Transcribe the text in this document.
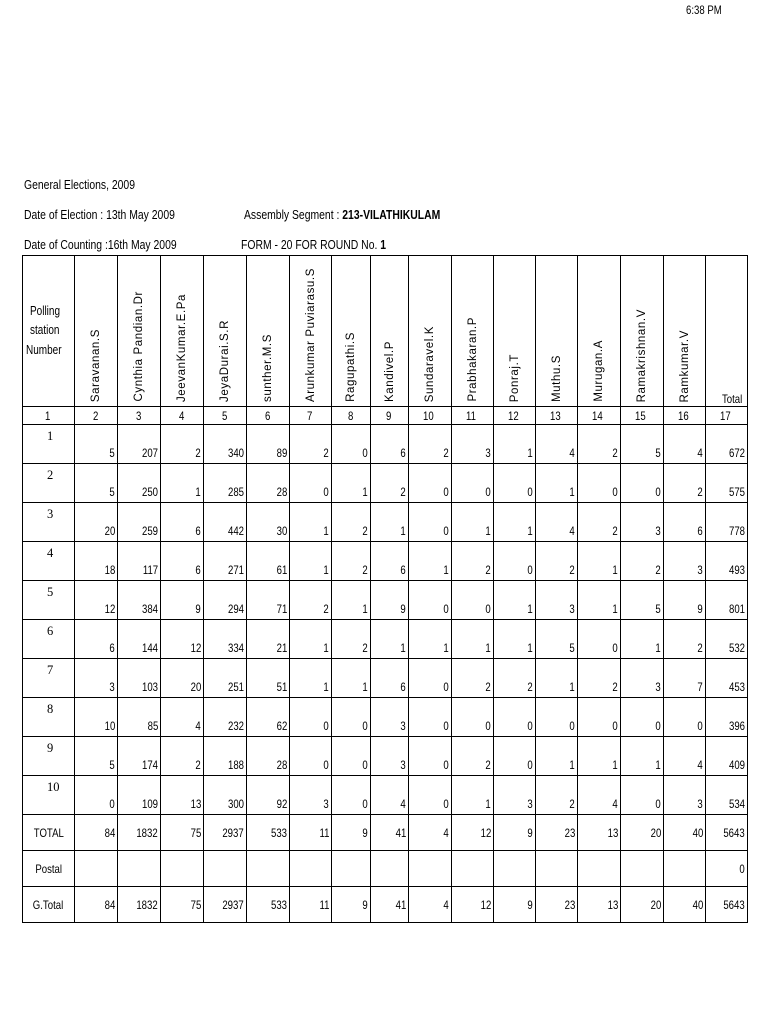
6:38 PM
General Elections, 2009
Date of Election : 13th May 2009	Assembly Segment : 213-VILATHIKULAM
Date of Counting :16th May 2009	FORM - 20 FOR ROUND No. 1
Polling
station
Number	Saravanan.S	Cynthia Pandian.Dr	JeevanKumar.E.Pa	JeyaDurai.S.R	sunther.M.S	Arunkumar Puviarasu.S	Ragupathi.S	Kandivel.P	Sundaravel.K	Prabhakaran.P	Ponraj.T	Muthu.S	Murugan.A	Ramakrishnan.V	Ramkumar.V	Total
1	2	3	4	5	6	7	8	9	10	11	12	13	14	15	16	17
1	5	207	2	340	89	2	0	6	2	3	1	4	2	5	4	672
2	5	250	1	285	28	0	1	2	0	0	0	1	0	0	2	575
3	20	259	6	442	30	1	2	1	0	1	1	4	2	3	6	778
4	18	117	6	271	61	1	2	6	1	2	0	2	1	2	3	493
5	12	384	9	294	71	2	1	9	0	0	1	3	1	5	9	801
6	6	144	12	334	21	1	2	1	1	1	1	5	0	1	2	532
7	3	103	20	251	51	1	1	6	0	2	2	1	2	3	7	453
8	10	85	4	232	62	0	0	3	0	0	0	0	0	0	0	396
9	5	174	2	188	28	0	0	3	0	2	0	1	1	1	4	409
10	0	109	13	300	92	3	0	4	0	1	3	2	4	0	3	534
TOTAL	84	1832	75	2937	533	11	9	41	4	12	9	23	13	20	40	5643
Postal																0
G.Total	84	1832	75	2937	533	11	9	41	4	12	9	23	13	20	40	5643
